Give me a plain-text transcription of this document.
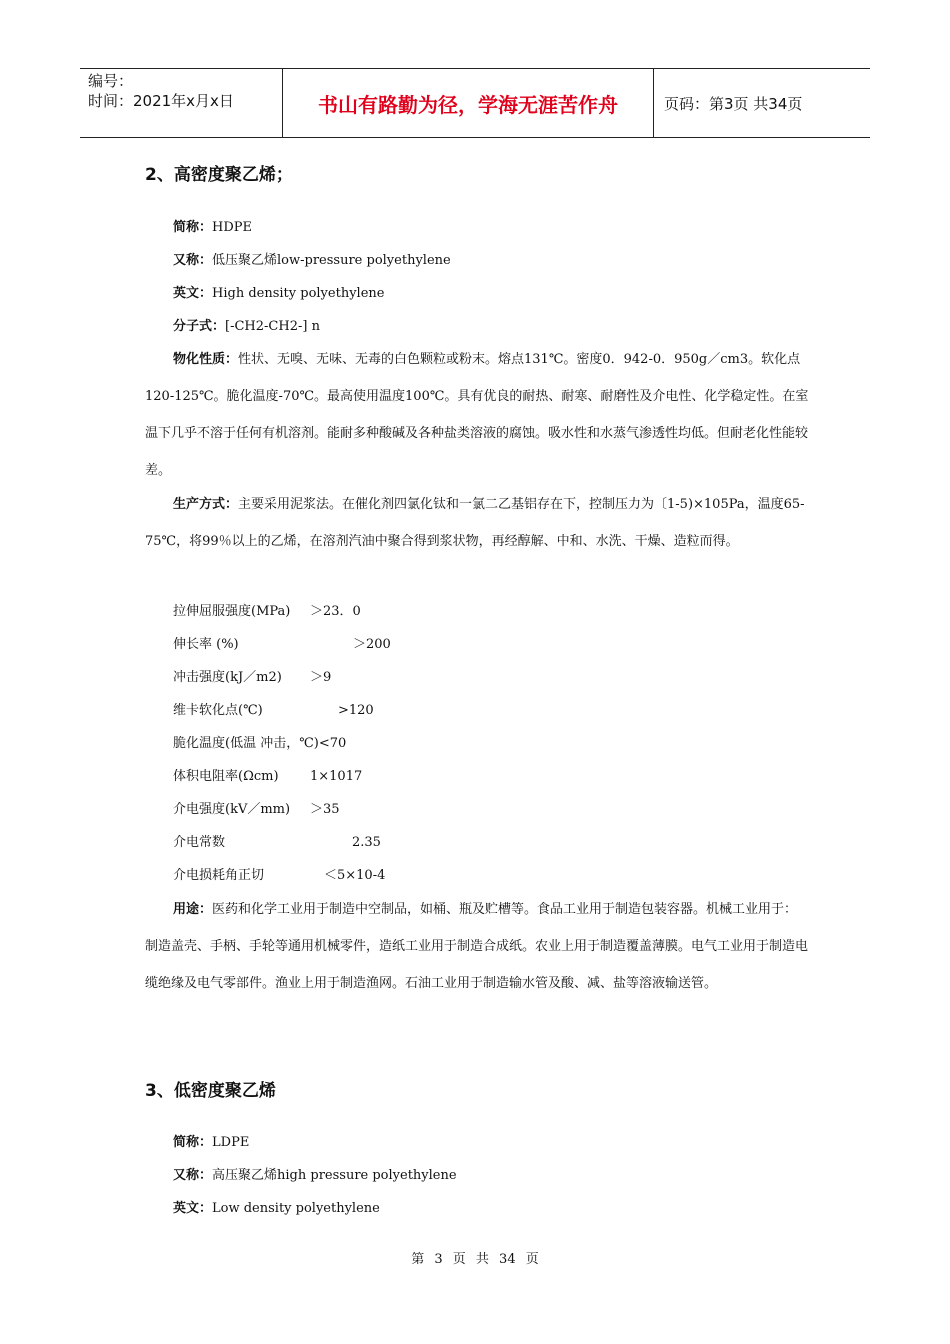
编号：
时间：2021年x月x日	书山有路勤为径，学海无涯苦作舟	页码：第3页 共34页
2、高密度聚乙烯；
简称：HDPE
又称：低压聚乙烯low-pressure polyethylene
英文：High density polyethylene
分子式：[-CH2-CH2-] n
物化性质：性状、无嗅、无味、无毒的白色颗粒或粉末。熔点131℃。密度0．942-0．950g／cm3。软化点120-125℃。脆化温度-70℃。最高使用温度100℃。具有优良的耐热、耐寒、耐磨性及介电性、化学稳定性。在室温下几乎不溶于任何有机溶剂。能耐多种酸碱及各种盐类溶液的腐蚀。吸水性和水蒸气渗透性均低。但耐老化性能较差。
生产方式：主要采用泥浆法。在催化剂四氯化钛和一氯二乙基铝存在下，控制压力为〔1-5)×105Pa，温度65-75℃，将99％以上的乙烯，在溶剂汽油中聚合得到浆状物，再经醇解、中和、水洗、干燥、造粒而得。
拉伸屈服强度(MPa) ＞23．0
伸长率 (%)	＞200
冲击强度(kJ／m2) ＞9
维卡软化点(℃)	>120
脆化温度(低温 冲击，℃)<70
体积电阻率(Ωcm) 1×1017
介电强度(kV／mm) ＞35
介电常数	2.35
介电损耗角正切	＜5×10-4
用途：医药和化学工业用于制造中空制品，如桶、瓶及贮槽等。食品工业用于制造包装容器。机械工业用于：制造盖壳、手柄、手轮等通用机械零件，造纸工业用于制造合成纸。农业上用于制造覆盖薄膜。电气工业用于制造电缆绝缘及电气零部件。渔业上用于制造渔网。石油工业用于制造输水管及酸、减、盐等溶液输送管。
3、低密度聚乙烯
简称：LDPE
又称：高压聚乙烯high pressure polyethylene
英文：Low density polyethylene
第 3 页 共 34 页
